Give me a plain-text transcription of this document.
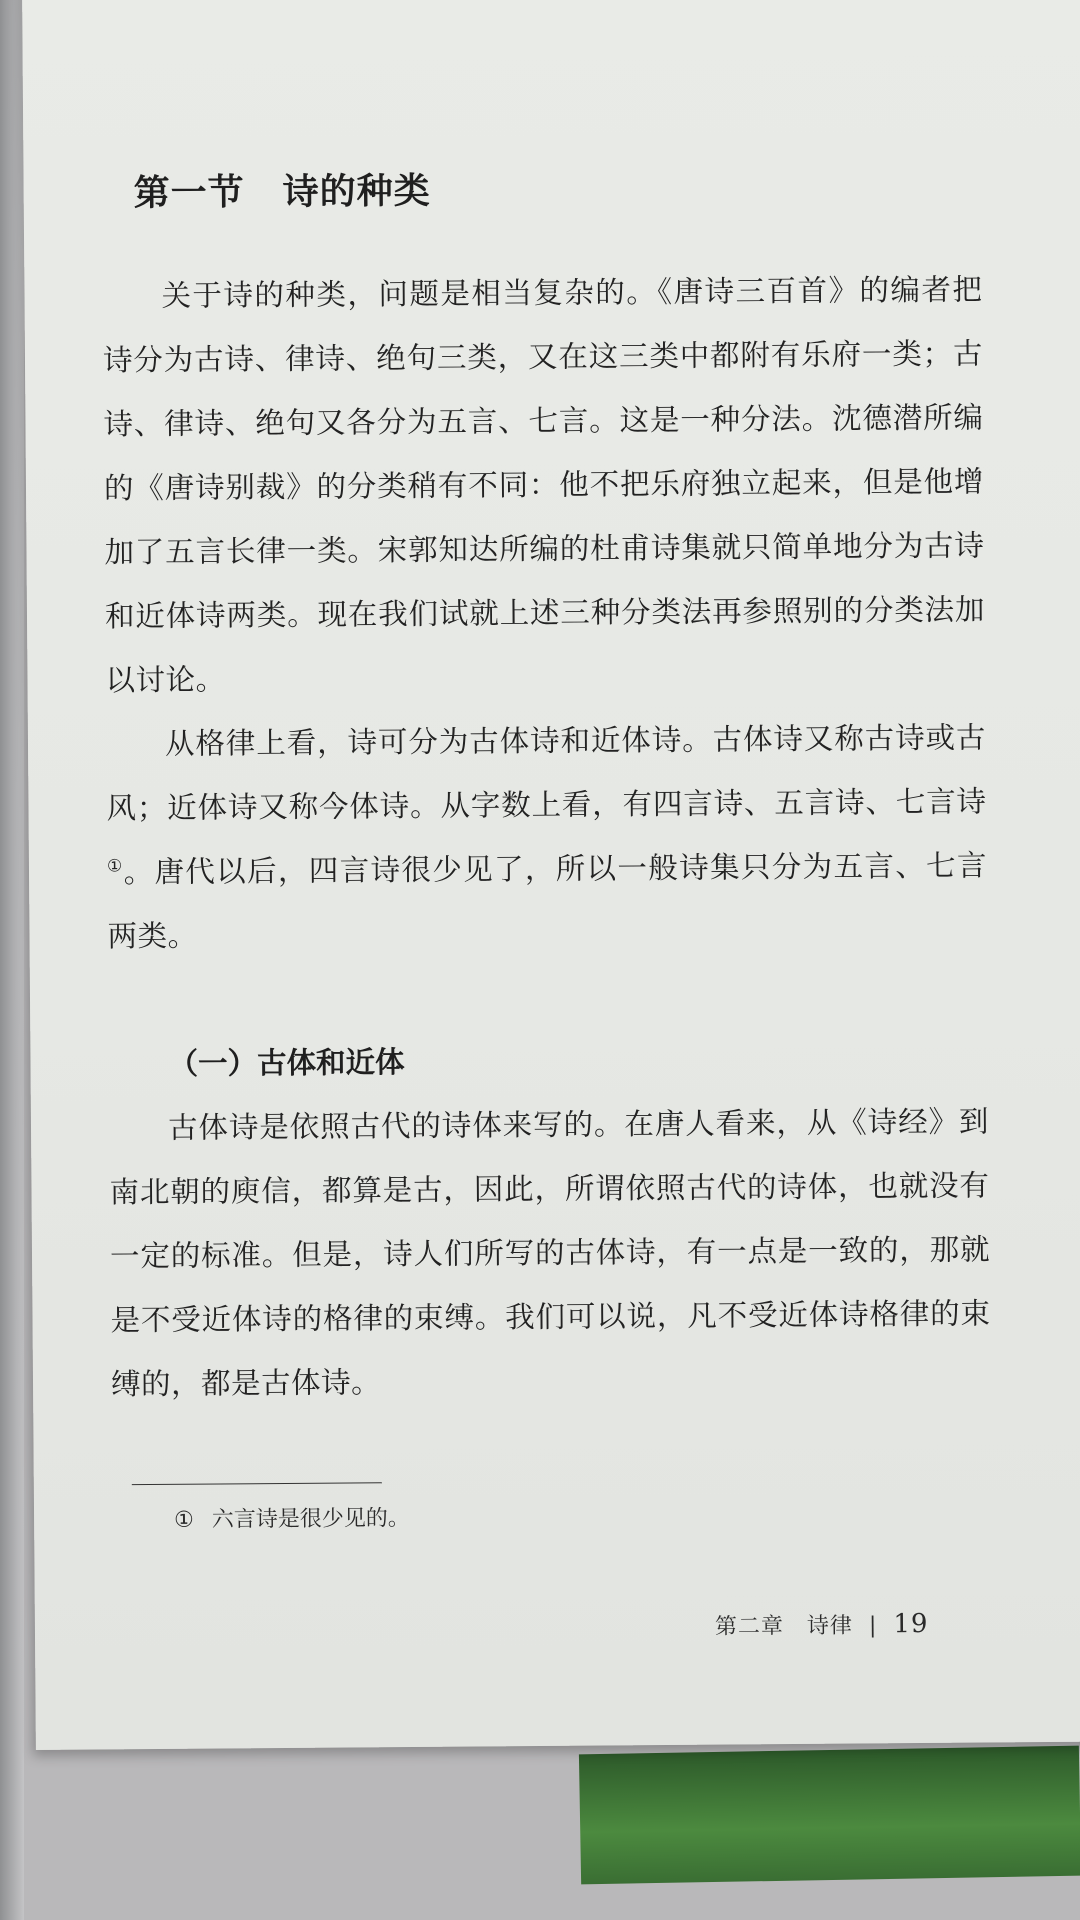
第一节 诗的种类

关于诗的种类，问题是相当复杂的。《唐诗三百首》的编者把诗分为古诗、律诗、绝句三类，又在这三类中都附有乐府一类；古诗、律诗、绝句又各分为五言、七言。这是一种分法。沈德潜所编的《唐诗别裁》的分类稍有不同：他不把乐府独立起来，但是他增加了五言长律一类。宋郭知达所编的杜甫诗集就只简单地分为古诗和近体诗两类。现在我们试就上述三种分类法再参照别的分类法加以讨论。

从格律上看，诗可分为古体诗和近体诗。古体诗又称古诗或古风；近体诗又称今体诗。从字数上看，有四言诗、五言诗、七言诗①。唐代以后，四言诗很少见了，所以一般诗集只分为五言、七言两类。

（一）古体和近体

古体诗是依照古代的诗体来写的。在唐人看来，从《诗经》到南北朝的庾信，都算是古，因此，所谓依照古代的诗体，也就没有一定的标准。但是，诗人们所写的古体诗，有一点是一致的，那就是不受近体诗的格律的束缚。我们可以说，凡不受近体诗格律的束缚的，都是古体诗。

① 六言诗是很少见的。
第二章　诗律 | 19
